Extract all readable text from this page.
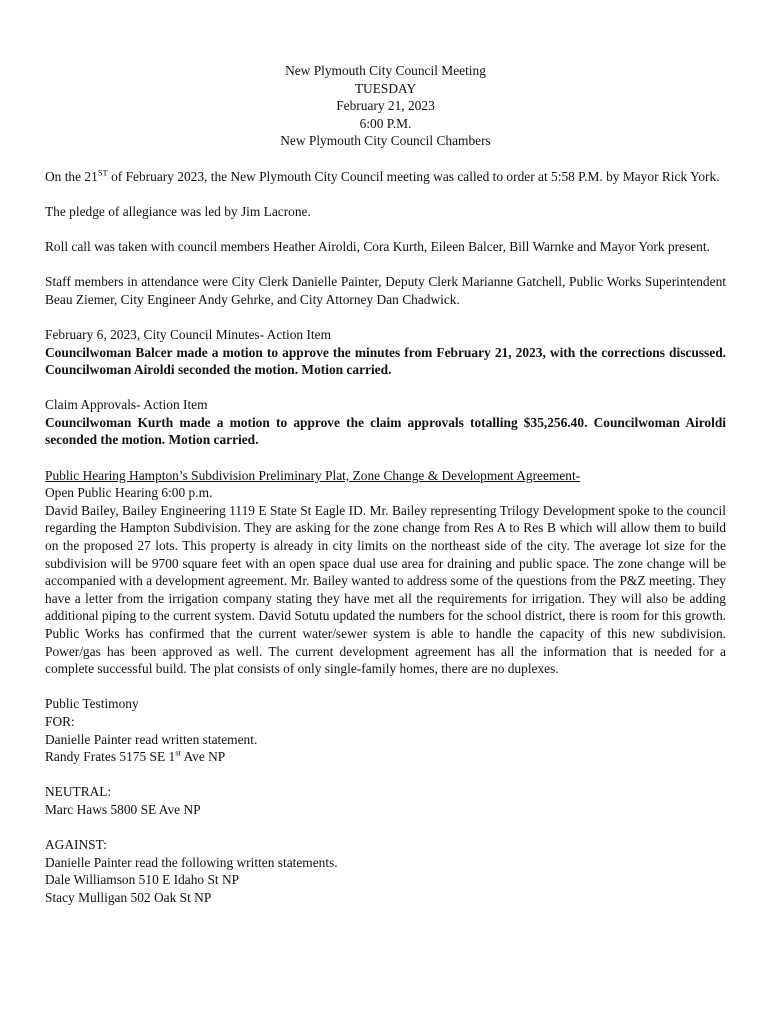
New Plymouth City Council Meeting
TUESDAY
February 21, 2023
6:00 P.M.
New Plymouth City Council Chambers

On the 21ST of February 2023, the New Plymouth City Council meeting was called to order at 5:58 P.M. by Mayor Rick York.

The pledge of allegiance was led by Jim Lacrone.

Roll call was taken with council members Heather Airoldi, Cora Kurth, Eileen Balcer, Bill Warnke and Mayor York present.

Staff members in attendance were City Clerk Danielle Painter, Deputy Clerk Marianne Gatchell, Public Works Superintendent Beau Ziemer, City Engineer Andy Gehrke, and City Attorney Dan Chadwick.

February 6, 2023, City Council Minutes- Action Item

Councilwoman Balcer made a motion to approve the minutes from February 21, 2023, with the corrections discussed. Councilwoman Airoldi seconded the motion. Motion carried.

Claim Approvals- Action Item

Councilwoman Kurth made a motion to approve the claim approvals totalling $35,256.40. Councilwoman Airoldi seconded the motion. Motion carried.

Public Hearing Hampton’s Subdivision Preliminary Plat, Zone Change & Development Agreement-
Open Public Hearing 6:00 p.m.

David Bailey, Bailey Engineering 1119 E State St Eagle ID. Mr. Bailey representing Trilogy Development spoke to the council regarding the Hampton Subdivision. They are asking for the zone change from Res A to Res B which will allow them to build on the proposed 27 lots. This property is already in city limits on the northeast side of the city. The average lot size for the subdivision will be 9700 square feet with an open space dual use area for draining and public space. The zone change will be accompanied with a development agreement. Mr. Bailey wanted to address some of the questions from the P&Z meeting. They have a letter from the irrigation company stating they have met all the requirements for irrigation. They will also be adding additional piping to the current system. David Sotutu updated the numbers for the school district, there is room for this growth. Public Works has confirmed that the current water/sewer system is able to handle the capacity of this new subdivision. Power/gas has been approved as well. The current development agreement has all the information that is needed for a complete successful build. The plat consists of only single-family homes, there are no duplexes.

Public Testimony
FOR:
Danielle Painter read written statement.
Randy Frates 5175 SE 1st Ave NP
NEUTRAL:
Marc Haws 5800 SE Ave NP
AGAINST:
Danielle Painter read the following written statements.
Dale Williamson 510 E Idaho St NP
Stacy Mulligan 502 Oak St NP
